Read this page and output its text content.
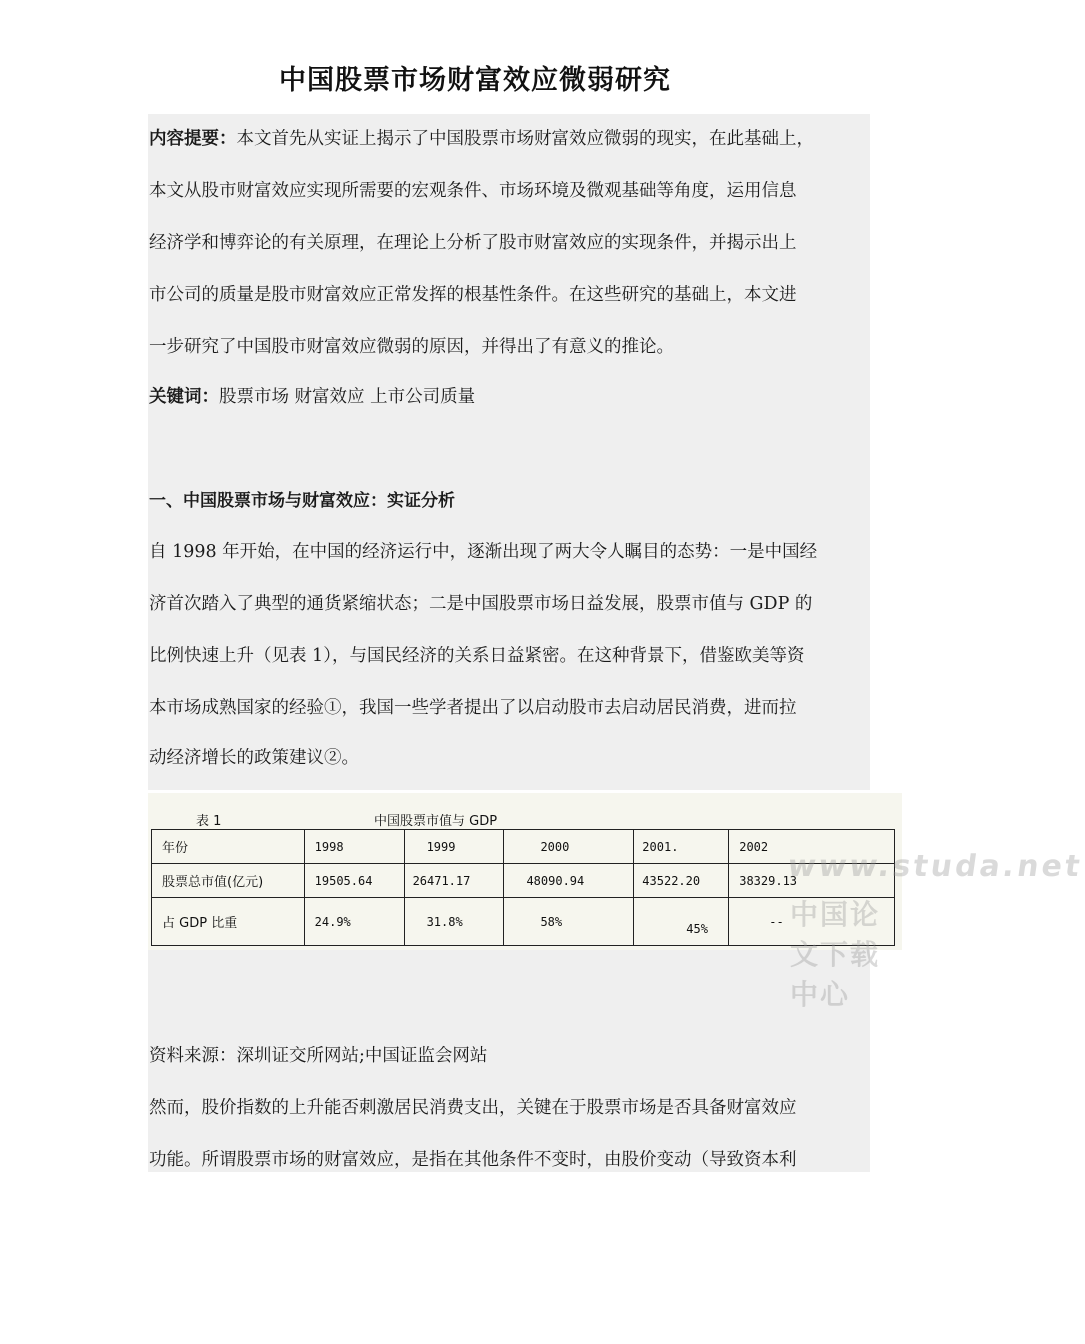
中国股票市场财富效应微弱研究
内容提要：本文首先从实证上揭示了中国股票市场财富效应微弱的现实，在此基础上，
本文从股市财富效应实现所需要的宏观条件、市场环境及微观基础等角度，运用信息
经济学和博弈论的有关原理，在理论上分析了股市财富效应的实现条件，并揭示出上
市公司的质量是股市财富效应正常发挥的根基性条件。在这些研究的基础上，本文进
一步研究了中国股市财富效应微弱的原因，并得出了有意义的推论。
关键词：股票市场 财富效应 上市公司质量
一、中国股票市场与财富效应：实证分析
自 1998 年开始，在中国的经济运行中，逐渐出现了两大令人瞩目的态势：一是中国经
济首次踏入了典型的通货紧缩状态；二是中国股票市场日益发展，股票市值与 GDP 的
比例快速上升（见表 1），与国民经济的关系日益紧密。在这种背景下，借鉴欧美等资
本市场成熟国家的经验①，我国一些学者提出了以启动股市去启动居民消费，进而拉
动经济增长的政策建议②。
表 1	中国股票市值与 GDP
年份	1998	1999	2000	2001.	2002
股票总市值(亿元)	19505.64	26471.17	48090.94	43522.20	38329.13
占 GDP 比重	24.9%	31.8%	58%	45%	--
www.studa.net
中国论文下载中心
资料来源：深圳证交所网站;中国证监会网站
然而，股价指数的上升能否刺激居民消费支出，关键在于股票市场是否具备财富效应
功能。所谓股票市场的财富效应，是指在其他条件不变时，由股价变动（导致资本利
